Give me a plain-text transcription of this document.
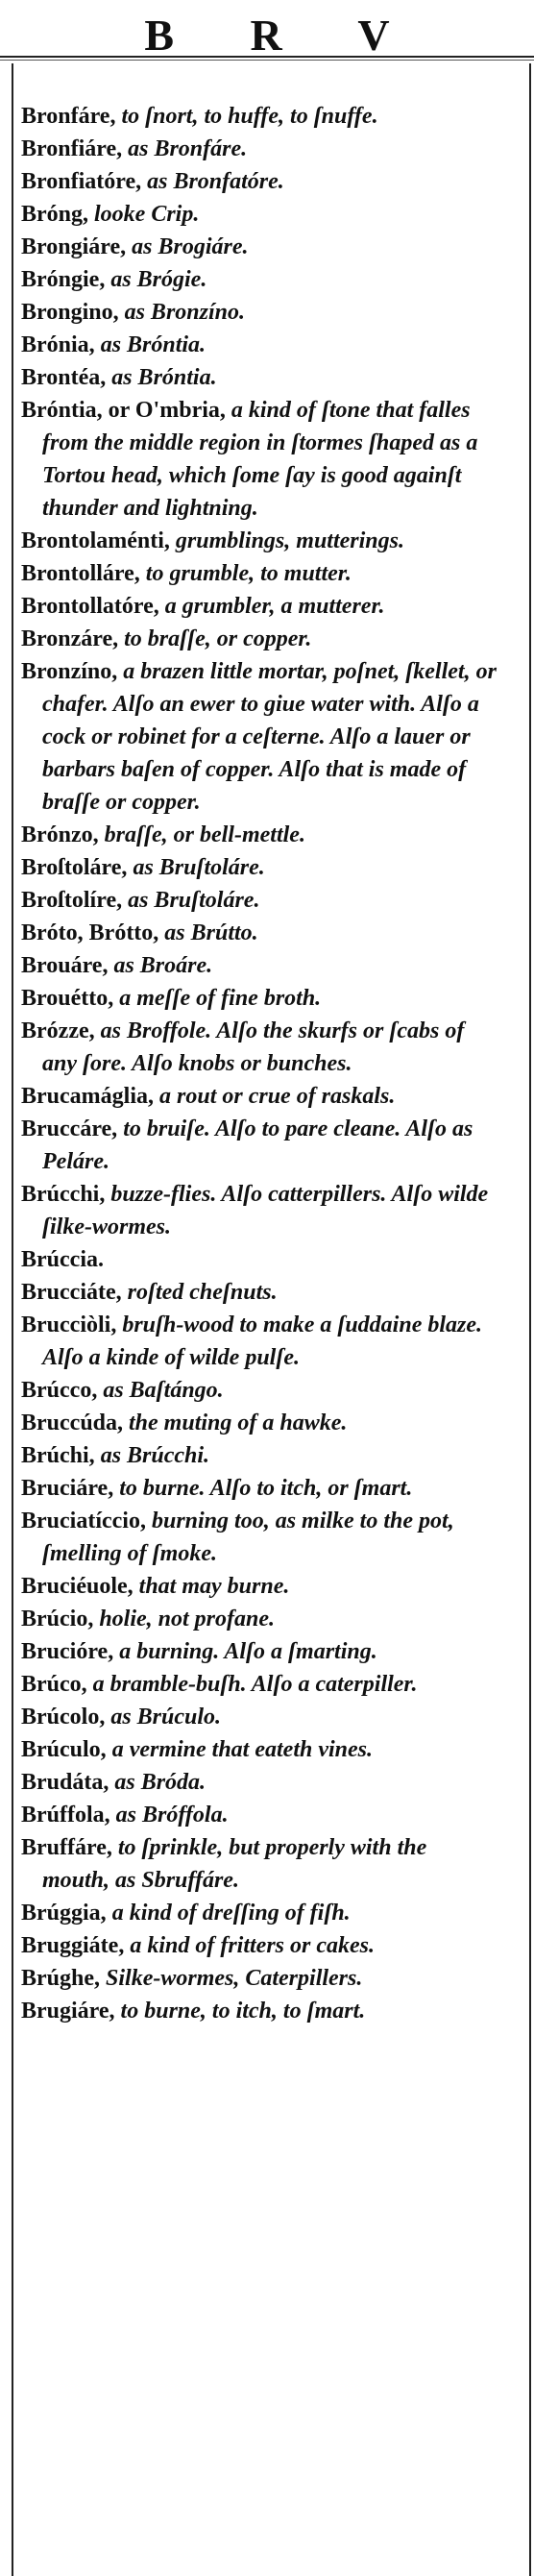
B R V
Bronfáre, to ſnort, to huffe, to ſnuffe.
Bronfiáre, as Bronfáre.
Bronfiatóre, as Bronfatóre.
Bróng, looke Crip.
Brongiáre, as Brogiáre.
Bróngie, as Brógie.
Brongino, as Bronzíno.
Brónia, as Bróntia.
Brontéa, as Bróntia.
Bróntia, or O'mbria, a kind of ſtone that falles from the middle region in ſtormes ſhaped as a Tortou head, which ſome ſay is good againſt thunder and lightning.
Brontolaménti, grumblings, mutterings.
Brontolláre, to grumble, to mutter.
Brontollatóre, a grumbler, a mutterer.
Bronzáre, to braſſe, or copper.
Bronzíno, a brazen little mortar, poſnet, ſkellet, or chafer. Alſo an ewer to giue water with. Alſo a cock or robinet for a ceſterne. Alſo a lauer or barbars baſen of copper. Alſo that is made of braſſe or copper.
Brónzo, braſſe, or bell-mettle.
Broſtoláre, as Bruſtoláre.
Broſtolíre, as Bruſtoláre.
Bróto, Brótto, as Brútto.
Brouáre, as Broáre.
Brouétto, a meſſe of fine broth.
Brózze, as Broffole. Alſo the skurfs or ſcabs of any ſore. Alſo knobs or bunches.
Brucamáglia, a rout or crue of raskals.
Bruccáre, to bruiſe. Alſo to pare cleane. Alſo as Peláre.
Brúcchi, buzze-flies. Alſo catterpillers. Alſo wilde ſilke-wormes.
Brúccia.
Brucciáte, roſted cheſnuts.
Brucciòli, bruſh-wood to make a ſuddaine blaze. Alſo a kinde of wilde pulſe.
Brúcco, as Baſtángo.
Bruccúda, the muting of a hawke.
Brúchi, as Brúcchi.
Bruciáre, to burne. Alſo to itch, or ſmart.
Bruciatíccio, burning too, as milke to the pot, ſmelling of ſmoke.
Bruciéuole, that may burne.
Brúcio, holie, not profane.
Brucióre, a burning. Alſo a ſmarting.
Brúco, a bramble-buſh. Alſo a caterpiller.
Brúcolo, as Brúculo.
Brúculo, a vermine that eateth vines.
Brudáta, as Bróda.
Brúffola, as Bróffola.
Bruffáre, to ſprinkle, but properly with the mouth, as Sbruffáre.
Brúggia, a kind of dreſſing of fiſh.
Bruggiáte, a kind of fritters or cakes.
Brúghe, Silke-wormes, Caterpillers.
Brugiáre, to burne, to itch, to ſmart.
